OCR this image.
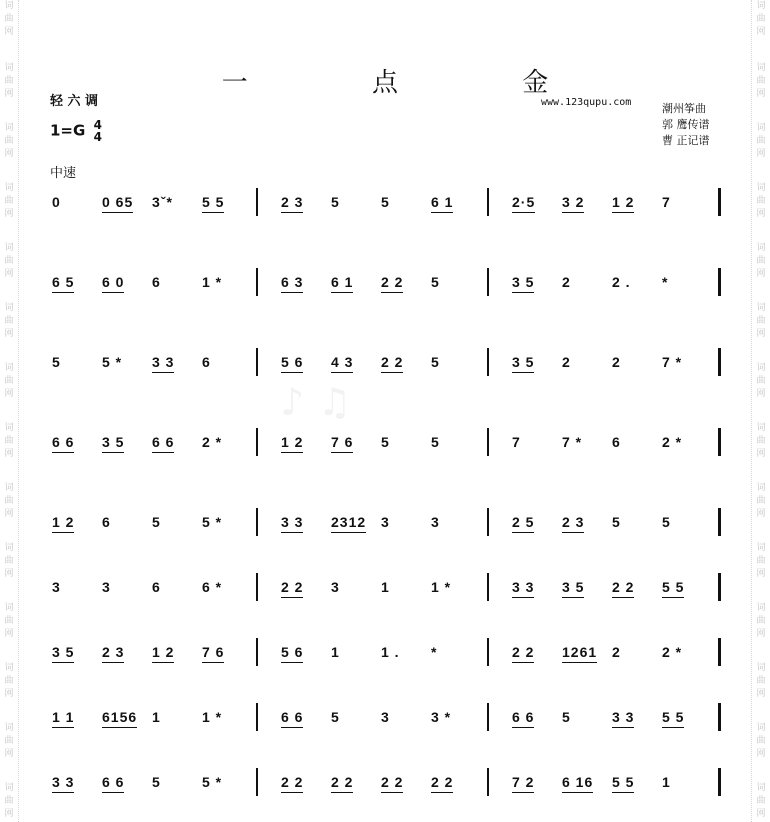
♪ ♫
一 点 金
轻 六 调	www.123qupu.com
1=G 4
4
潮州筝曲
郭 鹰传谱
曹 正记谱
中速
0	0 65 3ˇ* 5 5	2 3 5	5	6 1	2·5 3 2 1 2 7
6 5 6 0 6	1 *	6 3 6 1 2 2 5	3 5 2	2 . *
5	5 * 3 3 6	5 6 4 3 2 2 5	3 5 2	2	7 *
6 6 3 5 6 6 2 *	1 2 7 6 5	5	7	7 * 6	2 *
1 2 6	5	5 *	3 3 2312 3	3	2 5 2 3 5	5
3	3	6	6 *	2 2 3	1	1 *	3 3 3 5 2 2 5 5
3 5 2 3 1 2 7 6	5 6 1	1 . *	2 2 1261 2	2 *
1 1 6156 1	1 *	6 6 5	3	3 *	6 6 5	3 3 5 5
3 3 6 6 5	5 *	2 2 2 2 2 2 2 2	7 2 6 16 5 5 1
词
曲
网
词
曲
网
词
曲
网
词
曲
网
词
曲
网
词
曲
网
词
曲
网
词
曲
网
词
曲
网
词
曲
网
词
曲
网
词
曲
网
词
曲
网
词
曲
网
词
曲
网
词
曲
网
词
曲
网
词
曲
网
词
曲
网
词
曲
网
词
曲
网
词
曲
网
词
曲
网
词
曲
网
词
曲
网
词
曲
网
词
曲
网
词
曲
网
